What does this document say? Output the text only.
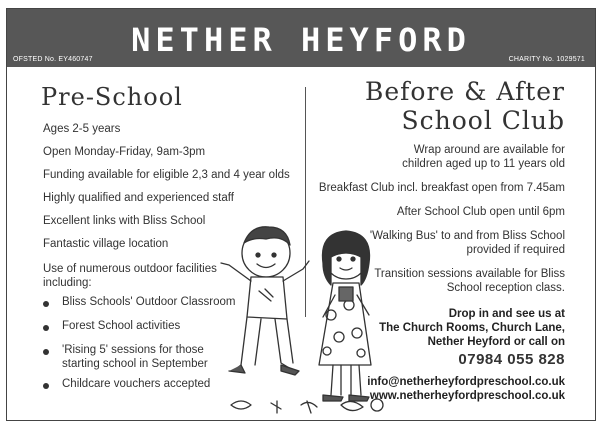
NETHER HEYFORD
OFSTED No. EY460747	CHARITY No. 1029571
Pre-School
Ages 2-5 years
Open Monday-Friday, 9am-3pm
Funding available for eligible 2,3 and 4 year olds
Highly qualified and experienced staff
Excellent links with Bliss School
Fantastic village location
Use of numerous outdoor facilities
including:
Bliss Schools' Outdoor Classroom
Forest School activities
'Rising 5' sessions for those
starting school in September
Childcare vouchers accepted
Before & After
School Club
Wrap around are available for
children aged up to 11 years old
Breakfast Club incl. breakfast open from 7.45am
After School Club open until 6pm
'Walking Bus' to and from Bliss School
provided if required
Transition sessions available for Bliss
School reception class.
Drop in and see us at
The Church Rooms, Church Lane,
Nether Heyford or call on
07984 055 828
info@netherheyfordpreschool.co.uk
www.netherheyfordpreschool.co.uk
